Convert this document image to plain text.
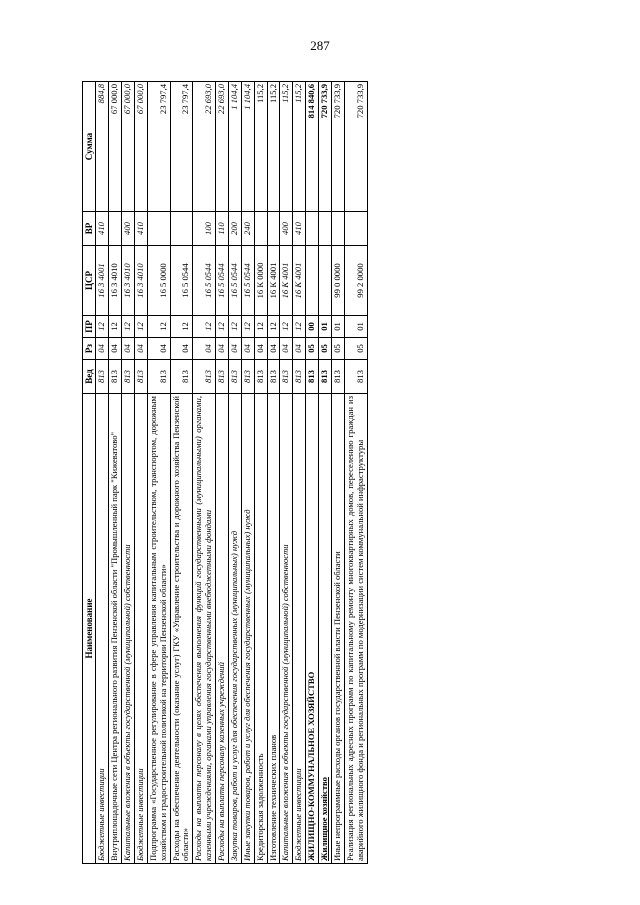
287
Наименование	Вед	Рз	ПР	ЦСР	ВР	Сумма
Бюджетные инвестиции	813	04	12	16 3 4001	410	884,8
Внутриплощадочные сети Центра регионального развития Пензенской области "Промышленный парк "Кижеватово"	813	04	12	16 3 4010		67 000,0
Капитальные вложения в объекты государственной (муниципальной) собственности	813	04	12	16 3 4010	400	67 000,0
Бюджетные инвестиции	813	04	12	16 3 4010	410	67 000,0
Подпрограмма «Государственное регулирование в сфере управления капитальным строительством, транспортом, дорожным хозяйством и градостроительной политикой на территории Пензенской области»	813	04	12	16 5 0000		23 797,4
Расходы на обеспечение деятельности (оказание услуг) ГКУ «Управление строительства и дорожного хозяйства Пензенской области»	813	04	12	16 5 0544		23 797,4
Расходы на выплаты персоналу в целях обеспечения выполнения функций государственными (муниципальными) органами, казенными учреждениями, органами управления государственными внебюджетными фондами	813	04	12	16 5 0544	100	22 693,0
Расходы на выплаты персоналу казенных учреждений	813	04	12	16 5 0544	110	22 693,0
Закупка товаров, работ и услуг для обеспечения государственных (муниципальных) нужд	813	04	12	16 5 0544	200	1 104,4
Иные закупки товаров, работ и услуг для обеспечения государственных (муниципальных) нужд	813	04	12	16 5 0544	240	1 104,4
Кредиторская задолженность	813	04	12	16 К 0000		115,2
Изготовление технических планов	813	04	12	16 К 4001		115,2
Капитальные вложения в объекты государственной (муниципальной) собственности	813	04	12	16 К 4001	400	115,2
Бюджетные инвестиции	813	04	12	16 К 4001	410	115,2
ЖИЛИЩНО-КОММУНАЛЬНОЕ ХОЗЯЙСТВО	813	05	00			814 840,6
Жилищное хозяйство	813	05	01			720 733,9
Иные непрограммные расходы органов государственной власти Пензенской области	813	05	01	99 0 0000		720 733,9
Реализация региональных адресных программ по капитальному ремонту многоквартирных домов, переселению граждан из аварийного жилищного фонда и региональных программ по модернизации систем коммунальной инфраструктуры	813	05	01	99 2 0000		720 733,9
